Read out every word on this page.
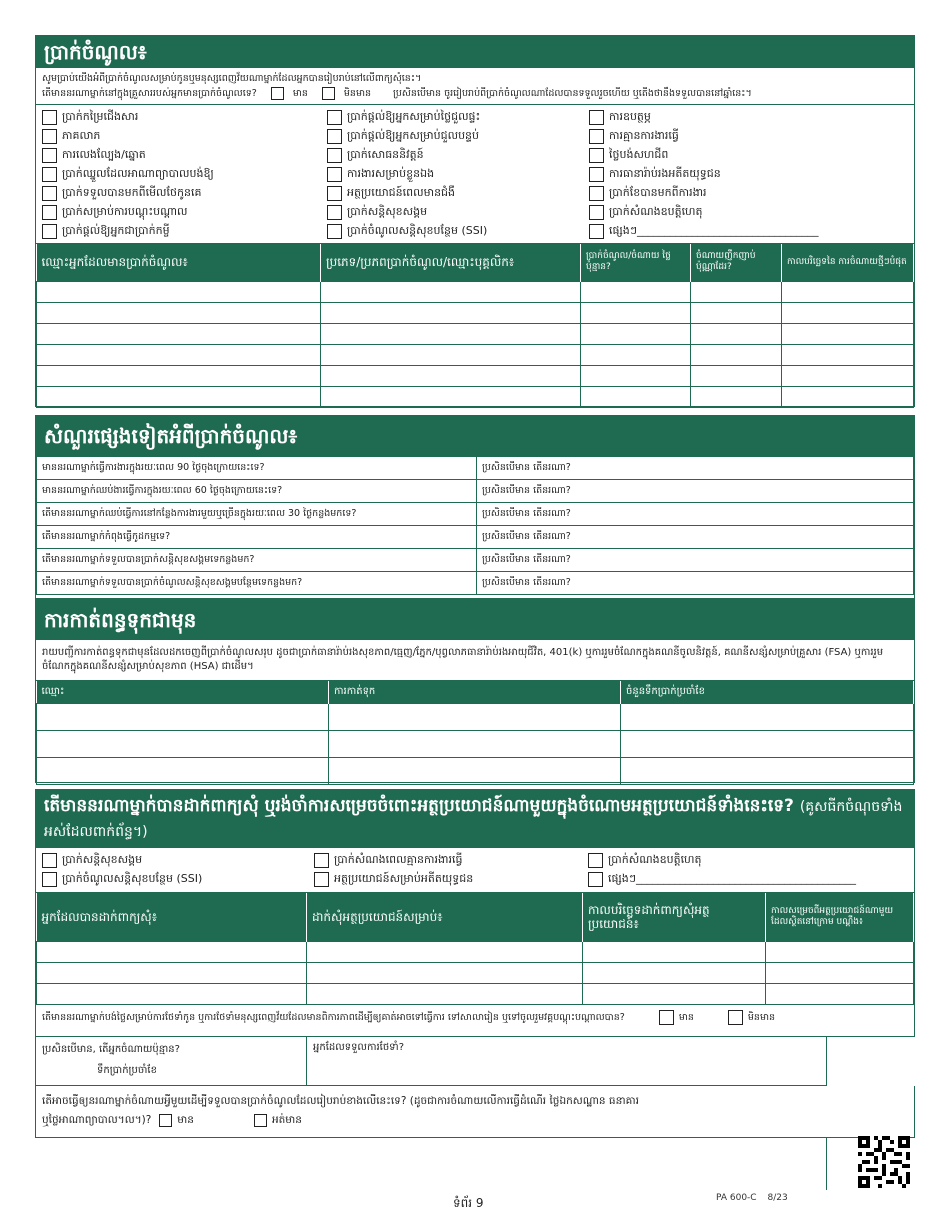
ប្រាក់ចំណូល៖
សូមប្រាប់យើងអំពីប្រាក់ចំណូលសម្រាប់កូនឬមនុស្សពេញវ័យណាម្នាក់ដែលអ្នកបានរៀបរាប់នៅលើពាក្យសុំនេះ។
តើមាននរណាម្នាក់នៅក្នុងគ្រួសាររបស់អ្នកមានប្រាក់ចំណូលទេ?	មាន	មិនមាន ប្រសិនបើមាន ចូររៀបរាប់ពីប្រាក់ចំណូលណាដែលបានទទួលរួចហើយ ឬតើងថានឹងទទួលបាននៅឆ្នាំនេះ។
ប្រាក់កម្រៃជើងសារ
ភាគលាភ
ការលេងល្បែង/ឆ្នោត
ប្រាក់ឈ្នួលដែលអាណាព្យាបាលបង់ឱ្យ
ប្រាក់ទទួលបានមកពីមើលថែកូនគេ
ប្រាក់សម្រាប់ការបណ្តុះបណ្តាល
ប្រាក់ផ្តល់ឱ្យអ្នកជាប្រាក់កម្ចី
ប្រាក់ផ្តល់ឱ្យអ្នកសម្រាប់ថ្លៃជួលផ្ទះ
ប្រាក់ផ្តល់ឱ្យអ្នកសម្រាប់ជួលបន្ទប់
ប្រាក់សោធននិវត្តន៍
ការងារសម្រាប់ខ្លួនឯង
អត្ថប្រយោជន៍ពេលមានជំងឺ
ប្រាក់សន្តិសុខសង្គម
ប្រាក់ចំណូលសន្តិសុខបន្ថែម (SSI)
ការឧបត្ថម្ភ
ការគ្មានការងារធ្វើ
ថ្លៃបង់សហជីព
ការធានារ៉ាប់រងអតីតយុទ្ធជន
ប្រាក់ខែបានមកពីការងារ
ប្រាក់សំណងឧបត្តិហេតុ
ផ្សេងៗ_________________________________
ឈ្មោះអ្នកដែលមានប្រាក់ចំណូល៖	ប្រភេទ/ប្រភពប្រាក់ចំណូល/ឈ្មោះបុគ្គលិក៖	ប្រាក់ចំណូល/ចំណាយ ថ្លៃប៉ុន្មាន?	ចំណាយញឹកញាប់ ប៉ុណ្ណាដែរ?	កាលបរិច្ឆេទនៃ ការចំណាយថ្មីៗបំផុត

សំណួរផ្សេងទៀតអំពីប្រាក់ចំណូល៖
មាននរណាម្នាក់ធ្វើការងារក្នុងរយៈពេល 90 ថ្ងៃចុងក្រោយនេះទេ?	ប្រសិនបើមាន តើនរណា?
មាននរណាម្នាក់ឈប់ងារធ្វើការក្នុងរយៈពេល 60 ថ្ងៃចុងក្រោយនេះទេ?	ប្រសិនបើមាន តើនរណា?
តើមាននរណាម្នាក់ឈប់ធ្វើការនៅកន្លែងការងារមួយឬច្រើនក្នុងរយៈពេល 30 ថ្ងៃកន្លងមកទេ?	ប្រសិនបើមាន តើនរណា?
តើមាននរណាម្នាក់កំពុងធ្វើកូដកម្មទេ?	ប្រសិនបើមាន តើនរណា?
តើមាននរណាម្នាក់ទទួលបានប្រាក់សន្តិសុខសង្គមទេកន្លងមក?	ប្រសិនបើមាន តើនរណា?
តើមាននរណាម្នាក់ទទួលបានប្រាក់ចំណូលសន្តិសុខសង្គមបន្ថែមទេកន្លងមក?	ប្រសិនបើមាន តើនរណា?
ការកាត់ពន្ធទុកជាមុន
រាយបញ្ជីការកាត់ពន្ធទុកជាមុនដែលដកចេញពីប្រាក់ចំណូលសរុប ដូចជាប្រាក់ធានារ៉ាប់រងសុខភាព/ធ្មេញ/ភ្នែក/បុព្វលាភធានារ៉ាប់រងអាយុជីវិត, 401(k) ឬការរួមចំណែកក្នុងគណនីចូលនិវត្តន៍, គណនីសន្សំសម្រាប់គ្រួសារ (FSA) ឬការរួមចំណែកក្នុងគណនីសន្សំសម្រាប់សុខភាព (HSA) ជាដើម។
ឈ្មោះ	ការកាត់ទុក	ចំនួនទឹកប្រាក់ប្រចាំខែ

តើមាននរណាម្នាក់បានដាក់ពាក្យសុំ ឬរង់ចាំការសម្រេចចំពោះអត្ថប្រយោជន៍ណាមួយក្នុងចំណោមអត្ថប្រយោជន៍ទាំងនេះទេ? (គូសធីកចំណុចទាំងអស់ដែលពាក់ព័ន្ធ។)
ប្រាក់សន្តិសុខសង្គម
ប្រាក់ចំណូលសន្តិសុខបន្ថែម (SSI)
ប្រាក់សំណងពេលគ្មានការងារធ្វើ
អត្ថប្រយោជន៍សម្រាប់អតីតយុទ្ធជន
ប្រាក់សំណងឧបត្តិហេតុ
ផ្សេងៗ________________________________________
អ្នកដែលបានដាក់ពាក្យសុំ៖	ដាក់សុំអត្ថប្រយោជន៍សម្រាប់៖	កាលបរិច្ឆេទដាក់ពាក្យសុំអត្ថ ប្រយោជន៍៖	កាលសម្រេចពីអត្ថប្រយោជន៍ណាមួយដែលស្ថិតនៅក្រោម បណ្តឹង៖

តើមាននរណាម្នាក់បង់ថ្លៃសម្រាប់ការថែទាំកូន ឬការថែទាំមនុស្សពេញវ័យដែលមានពិការភាពដើម្បីឲ្យគាត់អាចទៅធ្វើការ ទៅសាលារៀន ឬទៅចូលរួមវគ្គបណ្តុះបណ្តាលបាន?	មាន	មិនមាន
ប្រសិនបើមាន, តើអ្នកចំណាយប៉ុន្មាន?
ទឹកប្រាក់ប្រចាំខែ
អ្នកដែលទទួលការថែទាំ?
តើអាចធ្វើឲ្យនរណាម្នាក់ចំណាយអ្វីមួយដើម្បីទទួលបានប្រាក់ចំណូលដែលរៀបរាប់ខាងលើនេះទេ? (ដូចជាការចំណាយលើការធ្វើដំណើរ ថ្លៃឯកសណ្ឋាន ធនាគារ
ឬថ្លៃអាណាព្យាបាល។ល។)? មាន	អត់មាន
ទំព័រ 9	PA 600-C 8/23
